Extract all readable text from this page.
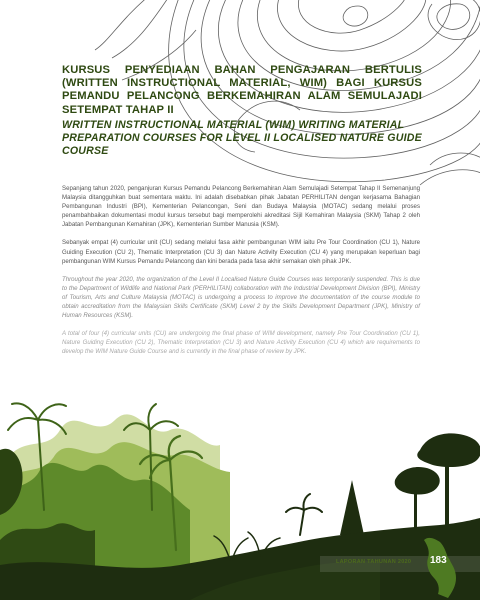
KURSUS PENYEDIAAN BAHAN PENGAJARAN BERTULIS (WRITTEN INSTRUCTIONAL MATERIAL, WIM) BAGI KURSUS PEMANDU PELANCONG BERKEMAHIRAN ALAM SEMULAJADI SETEMPAT TAHAP II
WRITTEN INSTRUCTIONAL MATERIAL (WIM) WRITING MATERIAL PREPARATION COURSES FOR LEVEL II LOCALISED NATURE GUIDE COURSE

Sepanjang tahun 2020, penganjuran Kursus Pemandu Pelancong Berkemahiran Alam Semulajadi Setempat Tahap II Semenanjung Malaysia ditangguhkan buat sementara waktu. Ini adalah disebabkan pihak Jabatan PERHILITAN dengan kerjasama Bahagian Pembangunan Industri (BPI), Kementerian Pelancongan, Seni dan Budaya Malaysia (MOTAC) sedang melalui proses penambahbaikan dokumentasi modul kursus tersebut bagi memperolehi akreditasi Sijil Kemahiran Malaysia (SKM) Tahap 2 oleh Jabatan Pembangunan Kemahiran (JPK), Kementerian Sumber Manusia (KSM).

Sebanyak empat (4) curricular unit (CU) sedang melalui fasa akhir pembangunan WIM iaitu Pre Tour Coordination (CU 1), Nature Guiding Execution (CU 2), Thematic Interpretation (CU 3) dan Nature Activity Execution (CU 4) yang merupakan keperluan bagi pembangunan WIM Kursus Pemandu Pelancong dan kini berada pada fasa akhir semakan oleh pihak JPK.

Throughout the year 2020, the organization of the Level II Localised Nature Guide Courses was temporarily suspended. This is due to the Department of Wildlife and National Park (PERHILITAN) collaboration with the Industrial Development Division (BPI), Ministry of Tourism, Arts and Culture Malaysia (MOTAC) is undergoing a process to improve the documentation of the course module to obtain accreditation from the Malaysian Skills Certificate (SKM) Level 2 by the Skills Development Department (JPK), Ministry of Human Resources (KSM).

A total of four (4) curricular units (CU) are undergoing the final phase of WIM development, namely Pre Tour Coordination (CU 1), Nature Guiding Execution (CU 2), Thematic Interpretation (CU 3) and Nature Activity Execution (CU 4) which are requirements to develop the WIM Nature Guide Course and is currently in the final phase of review by JPK.

LAPORAN TAHUNAN 2020 183
